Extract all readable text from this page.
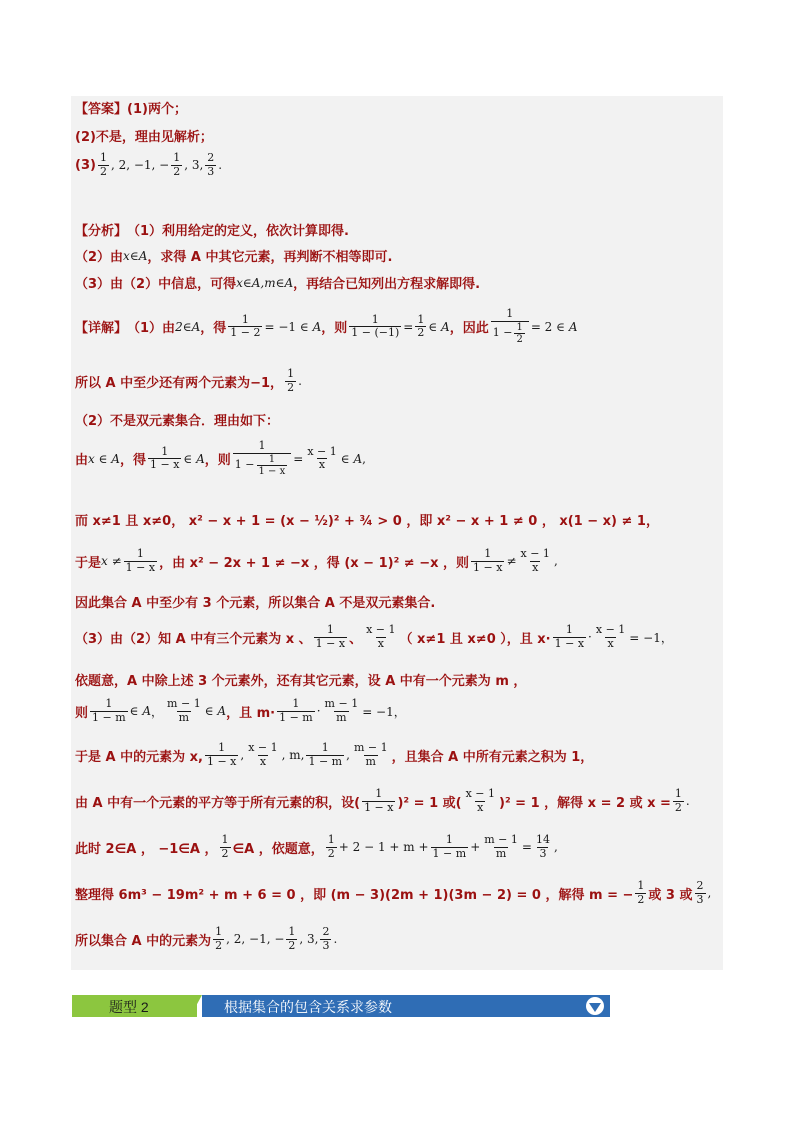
【答案】 (1)两个；
(2)不是，理由见解析；
$(3) \frac{1}{2}$ , 2, −1, − $\frac{1}{2}$ , 3, $\frac{2}{3}$ .
【分析】 （1）利用给定的定义，依次计算即得.
（2）由 x∈A ，求得 A 中其它元素，再判断不相等即可.
（3）由（2）中信息，可得 x∈A,m∈A ，再结合已知列出方程求解即得.
【详解】 （1）由 2∈A ，得 $\frac{1}{1 - 2} = -1$ ∈ A ，则 $\frac{1}{1 - (-1)} = \frac{1}{2}$ ∈ A ，因此 $\frac{1}{1 - \frac{1}{2}} = 2$ ∈ A
所以 A 中至少还有两个元素为−1， $\frac{1}{2}$ .
（2）不是双元素集合．理由如下：
由 x ∈ A ，得 $\frac{1}{1 - x}$ ∈ A ，则 $\frac{1}{1 - \frac{1}{1 - x}} = \frac{x - 1}{x}$ ∈ A ,
而 x≠1 且 x≠0， x² − x + 1 = (x − ½)² + ¾ > 0 ，即 x² − x + 1 ≠ 0 ， x(1 − x) ≠ 1，
于是 $x \ne \frac{1}{1 - x}$ ，由 x² − 2x + 1 ≠ −x ，得 (x − 1)² ≠ −x ，则 $\frac{1}{1 - x} \ne \frac{x - 1}{x}$ ,
因此集合 A 中至少有 3 个元素，所以集合 A 不是双元素集合.
（3）由（2）知 A 中有三个元素为 x 、 $\frac{1}{1 - x}$ 、 $\frac{x - 1}{x}$ （ x≠1 且 x≠0 ），且 $x\cdot \frac{1}{1 - x} \cdot \frac{x - 1}{x} = -1$，
依题意，A 中除上述 3 个元素外，还有其它元素，设 A 中有一个元素为 m ，
则 $\frac{1}{1 - m}$ ∈ A ， $\frac{m - 1}{m}$ ∈ A ，且 $m\cdot \frac{1}{1 - m} \cdot \frac{m - 1}{m} = -1$，
于是 A 中的元素为 x, $\frac{1}{1 - x}$ , $\frac{x - 1}{x}$ , m, $\frac{1}{1 - m}$ , $\frac{m - 1}{m}$ ，且集合 A 中所有元素之积为 1，
由 A 中有一个元素的平方等于所有元素的积，设( $\frac{1}{1 - x} )^2 = 1$ 或( $\frac{x - 1}{x} )^2 = 1$ ，解得 x = 2 或 $x = \frac{1}{2}$ .
此时 2∈A ， −1∈A ， $\frac{1}{2}$ ∈A ，依题意， $\frac{1}{2} + 2 - 1 + m + \frac{1}{1 - m} + \frac{m - 1}{m} = \frac{14}{3}$ ,
整理得 6m³ − 19m² + m + 6 = 0 ，即 (m − 3)(2m + 1)(3m − 2) = 0 ，解得 m = − $\frac{1}{2}$ 或 3 或 $\frac{2}{3}$ ,
所以集合 A 中的元素为 $\frac{1}{2}$ , 2, −1, − $\frac{1}{2}$ , 3, $\frac{2}{3}$ .
题型 2	根据集合的包含关系求参数
